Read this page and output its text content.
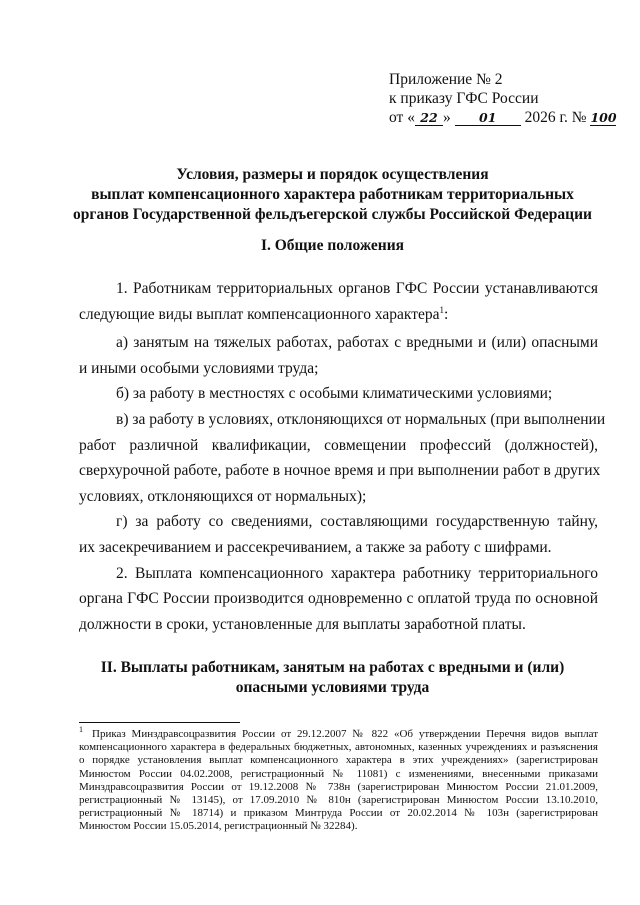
Приложение № 2
к приказу ГФС России
от « 22 » 01 2026 г. № 100
Условия, размеры и порядок осуществления
выплат компенсационного характера работникам территориальных
органов Государственной фельдъегерской службы Российской Федерации
I. Общие положения
1. Работникам территориальных органов ГФС России устанавливаются
следующие виды выплат компенсационного характера$^1$:
а) занятым на тяжелых работах, работах с вредными и (или) опасными
и иными особыми условиями труда;
б) за работу в местностях с особыми климатическими условиями;
в) за работу в условиях, отклоняющихся от нормальных (при выполнении
работ различной квалификации, совмещении профессий (должностей),
сверхурочной работе, работе в ночное время и при выполнении работ в других
условиях, отклоняющихся от нормальных);
г) за работу со сведениями, составляющими государственную тайну,
их засекречиванием и рассекречиванием, а также за работу с шифрами.
2. Выплата компенсационного характера работнику территориального
органа ГФС России производится одновременно с оплатой труда по основной
должности в сроки, установленные для выплаты заработной платы.
II. Выплаты работникам, занятым на работах с вредными и (или)
опасными условиями труда
$^1$ Приказ Минздравсоцразвития России от 29.12.2007 № 822 «Об утверждении Перечня видов выплат
компенсационного характера в федеральных бюджетных, автономных, казенных учреждениях и разъяснения
о порядке установления выплат компенсационного характера в этих учреждениях» (зарегистрирован
Минюстом России 04.02.2008, регистрационный № 11081) с изменениями, внесенными приказами
Минздравсоцразвития России от 19.12.2008 № 738н (зарегистрирован Минюстом России 21.01.2009,
регистрационный № 13145), от 17.09.2010 № 810н (зарегистрирован Минюстом России 13.10.2010,
регистрационный № 18714) и приказом Минтруда России от 20.02.2014 № 103н (зарегистрирован
Минюстом России 15.05.2014, регистрационный № 32284).
